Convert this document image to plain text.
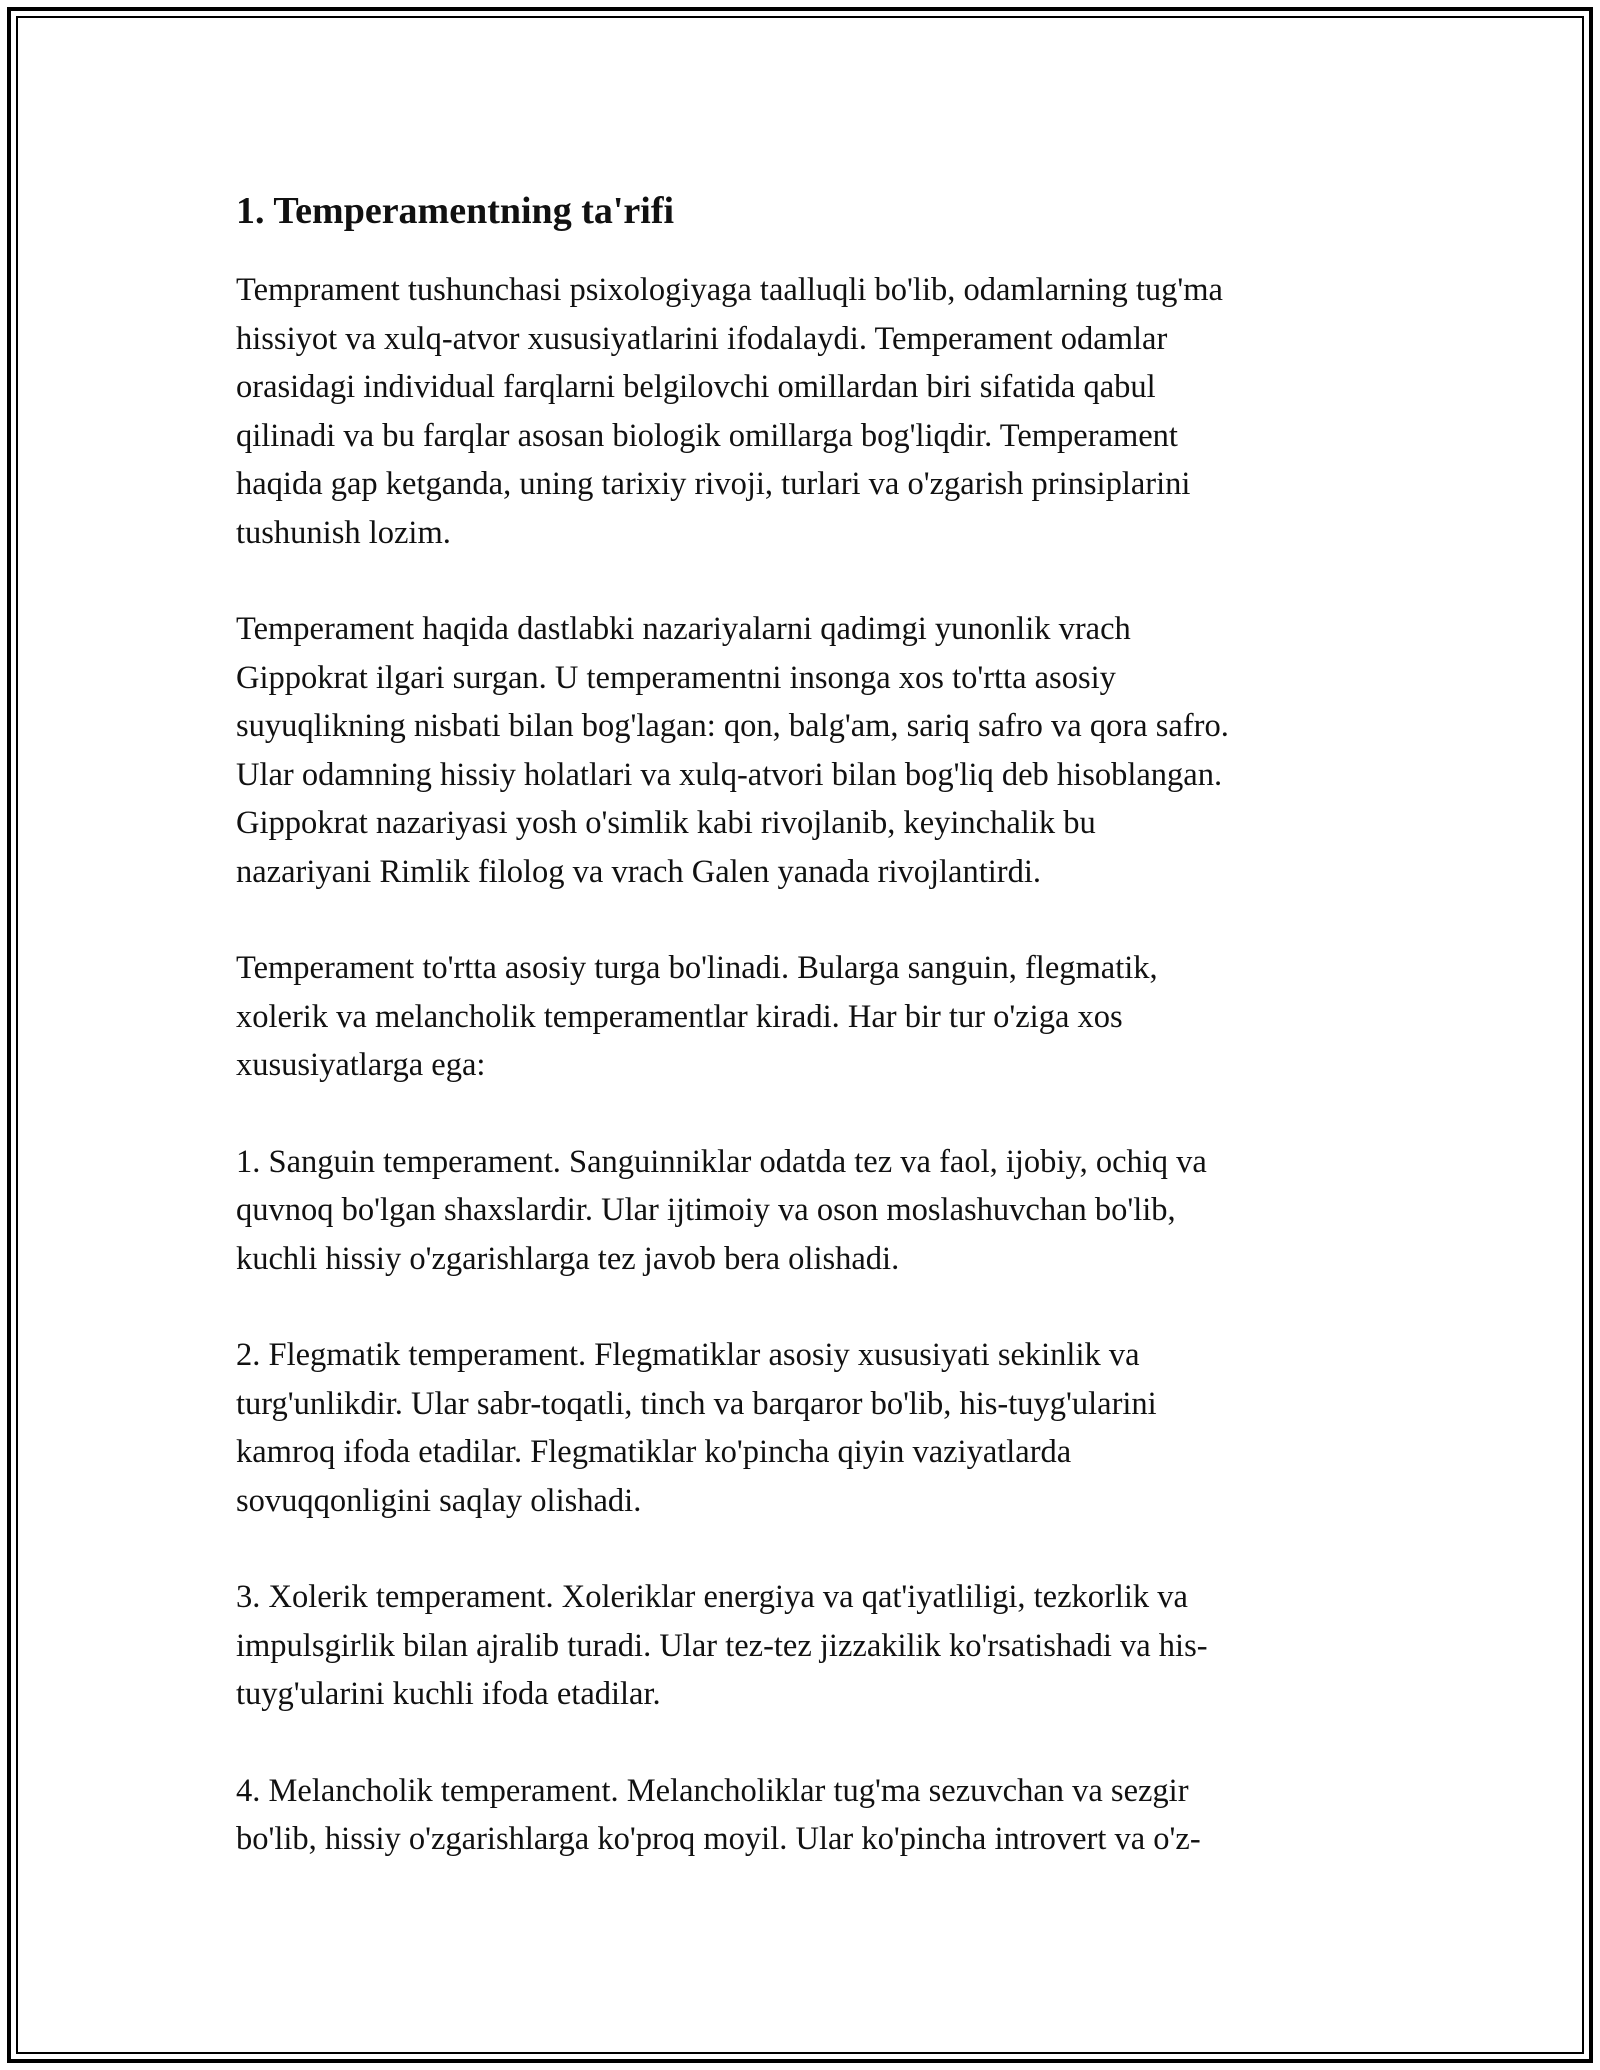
1. Temperamentning ta'rifi

Temprament tushunchasi psixologiyaga taalluqli bo'lib, odamlarning tug'ma
hissiyot va xulq-atvor xususiyatlarini ifodalaydi. Temperament odamlar
orasidagi individual farqlarni belgilovchi omillardan biri sifatida qabul
qilinadi va bu farqlar asosan biologik omillarga bog'liqdir. Temperament
haqida gap ketganda, uning tarixiy rivoji, turlari va o'zgarish prinsiplarini
tushunish lozim.

Temperament haqida dastlabki nazariyalarni qadimgi yunonlik vrach
Gippokrat ilgari surgan. U temperamentni insonga xos to'rtta asosiy
suyuqlikning nisbati bilan bog'lagan: qon, balg'am, sariq safro va qora safro.
Ular odamning hissiy holatlari va xulq-atvori bilan bog'liq deb hisoblangan.
Gippokrat nazariyasi yosh o'simlik kabi rivojlanib, keyinchalik bu
nazariyani Rimlik filolog va vrach Galen yanada rivojlantirdi.

Temperament to'rtta asosiy turga bo'linadi. Bularga sanguin, flegmatik,
xolerik va melancholik temperamentlar kiradi. Har bir tur o'ziga xos
xususiyatlarga ega:

1. Sanguin temperament. Sanguinniklar odatda tez va faol, ijobiy, ochiq va
quvnoq bo'lgan shaxslardir. Ular ijtimoiy va oson moslashuvchan bo'lib,
kuchli hissiy o'zgarishlarga tez javob bera olishadi.

2. Flegmatik temperament. Flegmatiklar asosiy xususiyati sekinlik va
turg'unlikdir. Ular sabr-toqatli, tinch va barqaror bo'lib, his-tuyg'ularini
kamroq ifoda etadilar. Flegmatiklar ko'pincha qiyin vaziyatlarda
sovuqqonligini saqlay olishadi.

3. Xolerik temperament. Xoleriklar energiya va qat'iyatliligi, tezkorlik va
impulsgirlik bilan ajralib turadi. Ular tez-tez jizzakilik ko'rsatishadi va his-
tuyg'ularini kuchli ifoda etadilar.

4. Melancholik temperament. Melancholiklar tug'ma sezuvchan va sezgir
bo'lib, hissiy o'zgarishlarga ko'proq moyil. Ular ko'pincha introvert va o'z-
